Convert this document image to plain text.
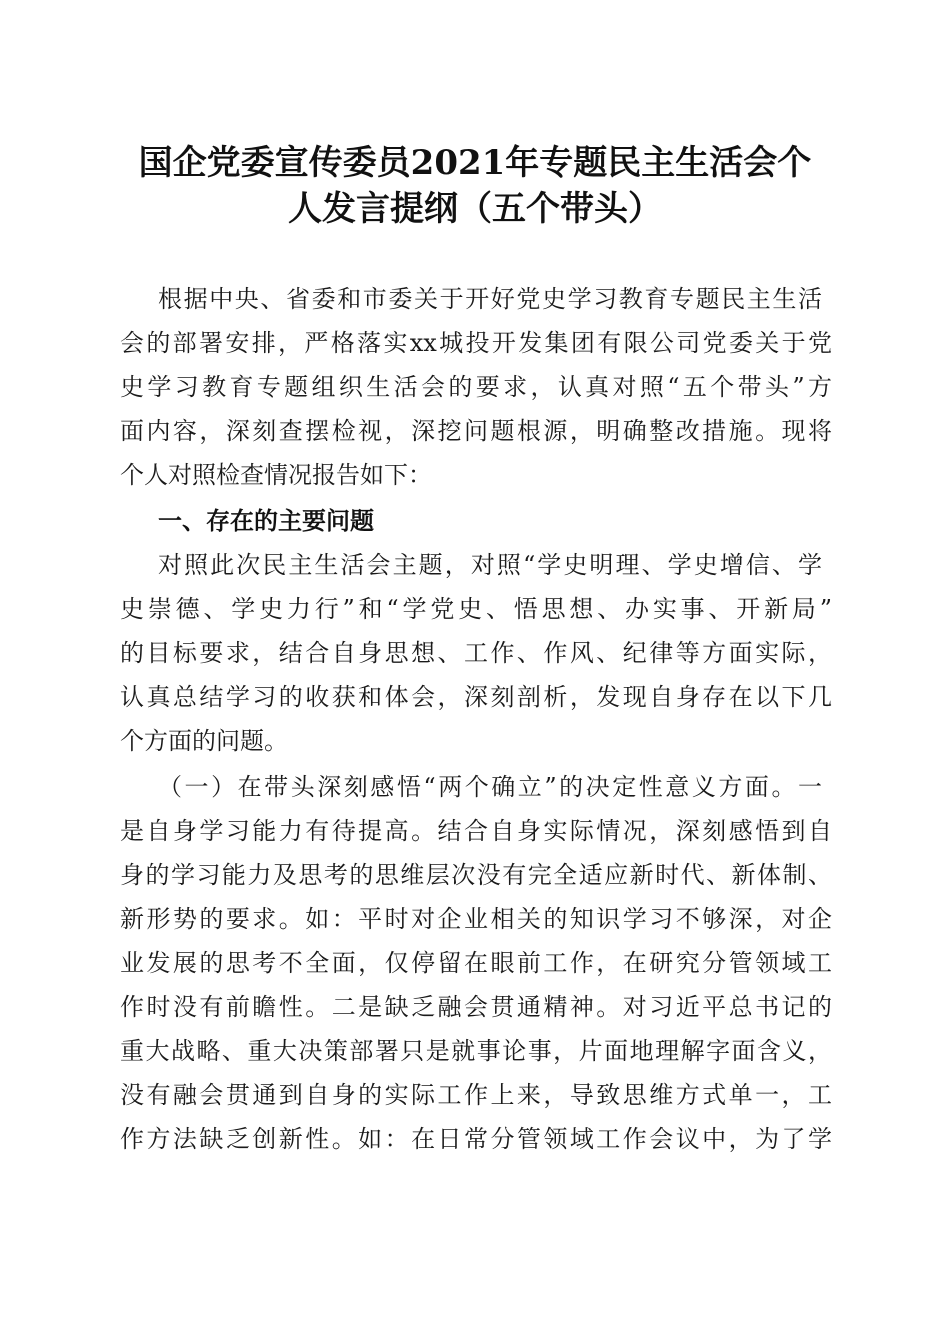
国企党委宣传委员2021年专题民主生活会个
人发言提纲（五个带头）

根据中央、省委和市委关于开好党史学习教育专题民主生活

会的部署安排，严格落实xx城投开发集团有限公司党委关于党

史学习教育专题组织生活会的要求，认真对照“五个带头”方

面内容，深刻查摆检视，深挖问题根源，明确整改措施。现将

个人对照检查情况报告如下：

一、存在的主要问题

对照此次民主生活会主题，对照“学史明理、学史增信、学

史崇德、学史力行”和“学党史、悟思想、办实事、开新局”

的目标要求，结合自身思想、工作、作风、纪律等方面实际，

认真总结学习的收获和体会，深刻剖析，发现自身存在以下几

个方面的问题。

（一）在带头深刻感悟“两个确立”的决定性意义方面。一

是自身学习能力有待提高。结合自身实际情况，深刻感悟到自

身的学习能力及思考的思维层次没有完全适应新时代、新体制、

新形势的要求。如：平时对企业相关的知识学习不够深，对企

业发展的思考不全面，仅停留在眼前工作，在研究分管领域工

作时没有前瞻性。二是缺乏融会贯通精神。对习近平总书记的

重大战略、重大决策部署只是就事论事，片面地理解字面含义，

没有融会贯通到自身的实际工作上来，导致思维方式单一，工

作方法缺乏创新性。如：在日常分管领域工作会议中，为了学
